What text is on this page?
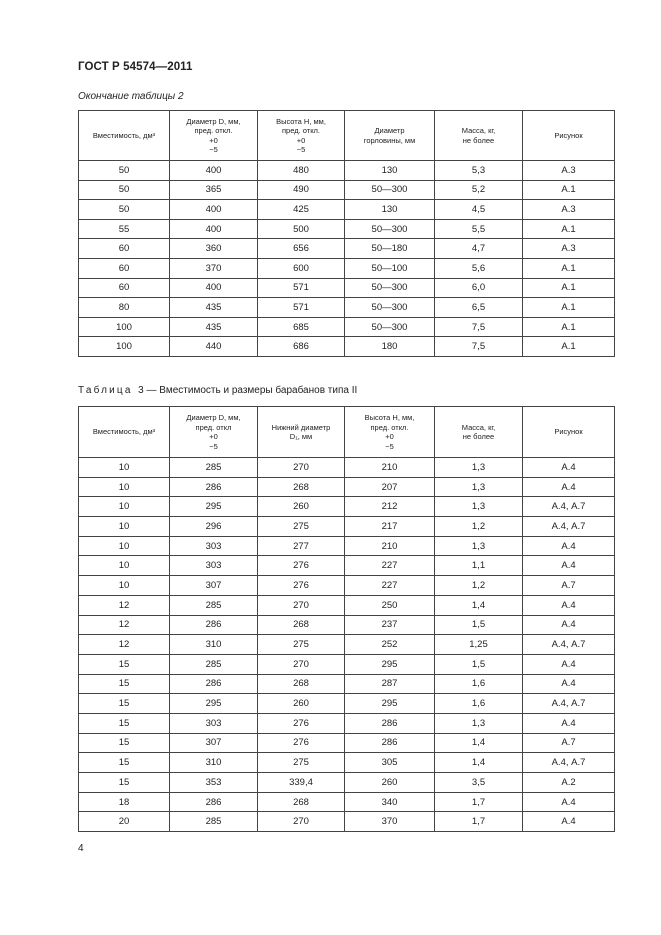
ГОСТ Р 54574—2011
Окончание таблицы 2
Вместимость, дм³	Диаметр D, мм,
пред. откл.
+0
−5	Высота H, мм,
пред. откл.
+0
−5	Диаметр
горловины, мм	Масса, кг,
не более	Рисунок
50	400	480	130	5,3	А.3
50	365	490	50—300	5,2	А.1
50	400	425	130	4,5	А.3
55	400	500	50—300	5,5	А.1
60	360	656	50—180	4,7	А.3
60	370	600	50—100	5,6	А.1
60	400	571	50—300	6,0	А.1
80	435	571	50—300	6,5	А.1
100	435	685	50—300	7,5	А.1
100	440	686	180	7,5	А.1
Таблица 3 — Вместимость и размеры барабанов типа II
Вместимость, дм³	Диаметр D, мм,
пред. откл
+0
−5	Нижний диаметр
D₁, мм	Высота H, мм,
пред. откл.
+0
−5	Масса, кг,
не более	Рисунок
10	285	270	210	1,3	А.4
10	286	268	207	1,3	А.4
10	295	260	212	1,3	А.4, А.7
10	296	275	217	1,2	А.4, А.7
10	303	277	210	1,3	А.4
10	303	276	227	1,1	А.4
10	307	276	227	1,2	А.7
12	285	270	250	1,4	А.4
12	286	268	237	1,5	А.4
12	310	275	252	1,25	А.4, А.7
15	285	270	295	1,5	А.4
15	286	268	287	1,6	А.4
15	295	260	295	1,6	А.4, А.7
15	303	276	286	1,3	А.4
15	307	276	286	1,4	А.7
15	310	275	305	1,4	А.4, А.7
15	353	339,4	260	3,5	А.2
18	286	268	340	1,7	А.4
20	285	270	370	1,7	А.4
4
